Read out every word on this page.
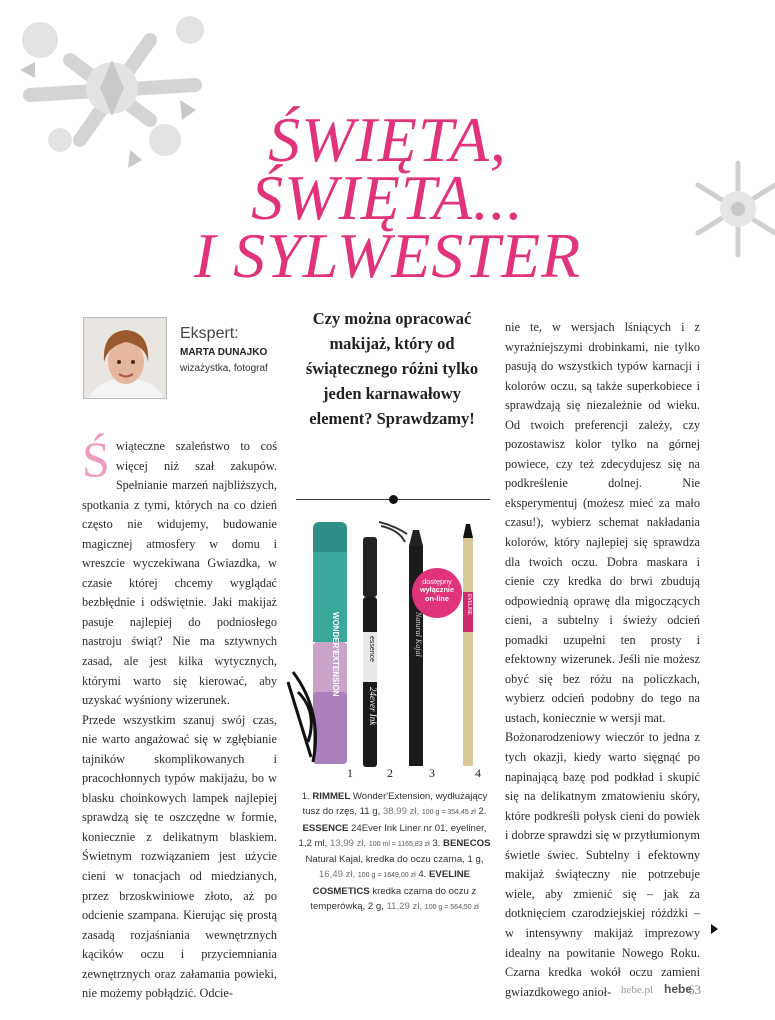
ŚWIĘTA,
ŚWIĘTA...
I SYLWESTER
Ekspert:
MARTA DUNAJKO
wizażystka, fotograf
Ś wiąteczne szaleństwo to coś więcej niż szał zakupów. Spełnianie marzeń najbliższych, spotkania z tymi, których na co dzień często nie widujemy, budowanie magicznej atmosfery w domu i wreszcie wyczekiwana Gwiazdka, w czasie której chcemy wyglądać bezbłędnie i odświętnie. Jaki makijaż pasuje najlepiej do podniosłego nastroju świąt? Nie ma sztywnych zasad, ale jest kilka wytycznych, którymi warto się kierować, aby uzyskać wyśniony wizerunek.

Przede wszystkim szanuj swój czas, nie warto angażować się w zgłębianie tajników skomplikowanych i pracochłonnych typów makijażu, bo w blasku choinkowych lampek najlepiej sprawdzą się te oszczędne w formie, koniecznie z delikatnym blaskiem. Świetnym rozwiązaniem jest użycie cieni w tonacjach od miedzianych, przez brzoskwiniowe złoto, aż po odcienie szampana. Kierując się prostą zasadą rozjaśniania wewnętrznych kącików oczu i przyciemniania zewnętrznych oraz załamania powieki, nie możemy pobłądzić. Odcie-

Czy można opracować makijaż, który od świątecznego różni tylko jeden karnawałowy element? Sprawdzamy!
WONDER'EXTENSION	essence
24ever Ink
Natural Kajal
EVELINE
1	2	3	4
dostępny
wyłącznie
on-line
1. RIMMEL Wonder'Extension, wydłużający tusz do rzęs, 11 g, 38,99 zł, 100 g = 354,45 zł 2. ESSENCE 24Ever Ink Liner nr 01, eyeliner, 1,2 ml, 13,99 zł, 100 ml = 1165,83 zł 3. BENECOS Natural Kajal, kredka do oczu czarna, 1 g, 16,49 zł, 100 g = 1649,00 zł 4. EVELINE COSMETICS kredka czarna do oczu z temperówką, 2 g, 11,29 zł, 100 g = 564,50 zł

nie te, w wersjach lśniących i z wyraźniejszymi drobinkami, nie tylko pasują do wszystkich typów karnacji i kolorów oczu, są także superkobiece i sprawdzają się niezależnie od wieku. Od twoich preferencji zależy, czy pozostawisz kolor tylko na górnej powiece, czy też zdecydujesz się na podkreślenie dolnej. Nie eksperymentuj (możesz mieć za mało czasu!), wybierz schemat nakładania kolorów, który najlepiej się sprawdza dla twoich oczu. Dobra maskara i cienie czy kredka do brwi zbudują odpowiednią oprawę dla migoczących cieni, a subtelny i świeży odcień pomadki uzupełni ten prosty i efektowny wizerunek. Jeśli nie możesz obyć się bez różu na policzkach, wybierz odcień podobny do tego na ustach, koniecznie w wersji mat.

Bożonarodzeniowy wieczór to jedna z tych okazji, kiedy warto sięgnąć po napinającą bazę pod podkład i skupić się na delikatnym zmatowieniu skóry, które podkreśli połysk cieni do powiek i dobrze sprawdzi się w przytłumionym świetle świec. Subtelny i efektowny makijaż świąteczny nie potrzebuje wiele, aby zmienić się – jak za dotknięciem czarodziejskiej różdżki – w intensywny makijaż imprezowy idealny na powitanie Nowego Roku. Czarna kredka wokół oczu zamieni gwiazdkowego anioł- hebe.pl hebe
63
